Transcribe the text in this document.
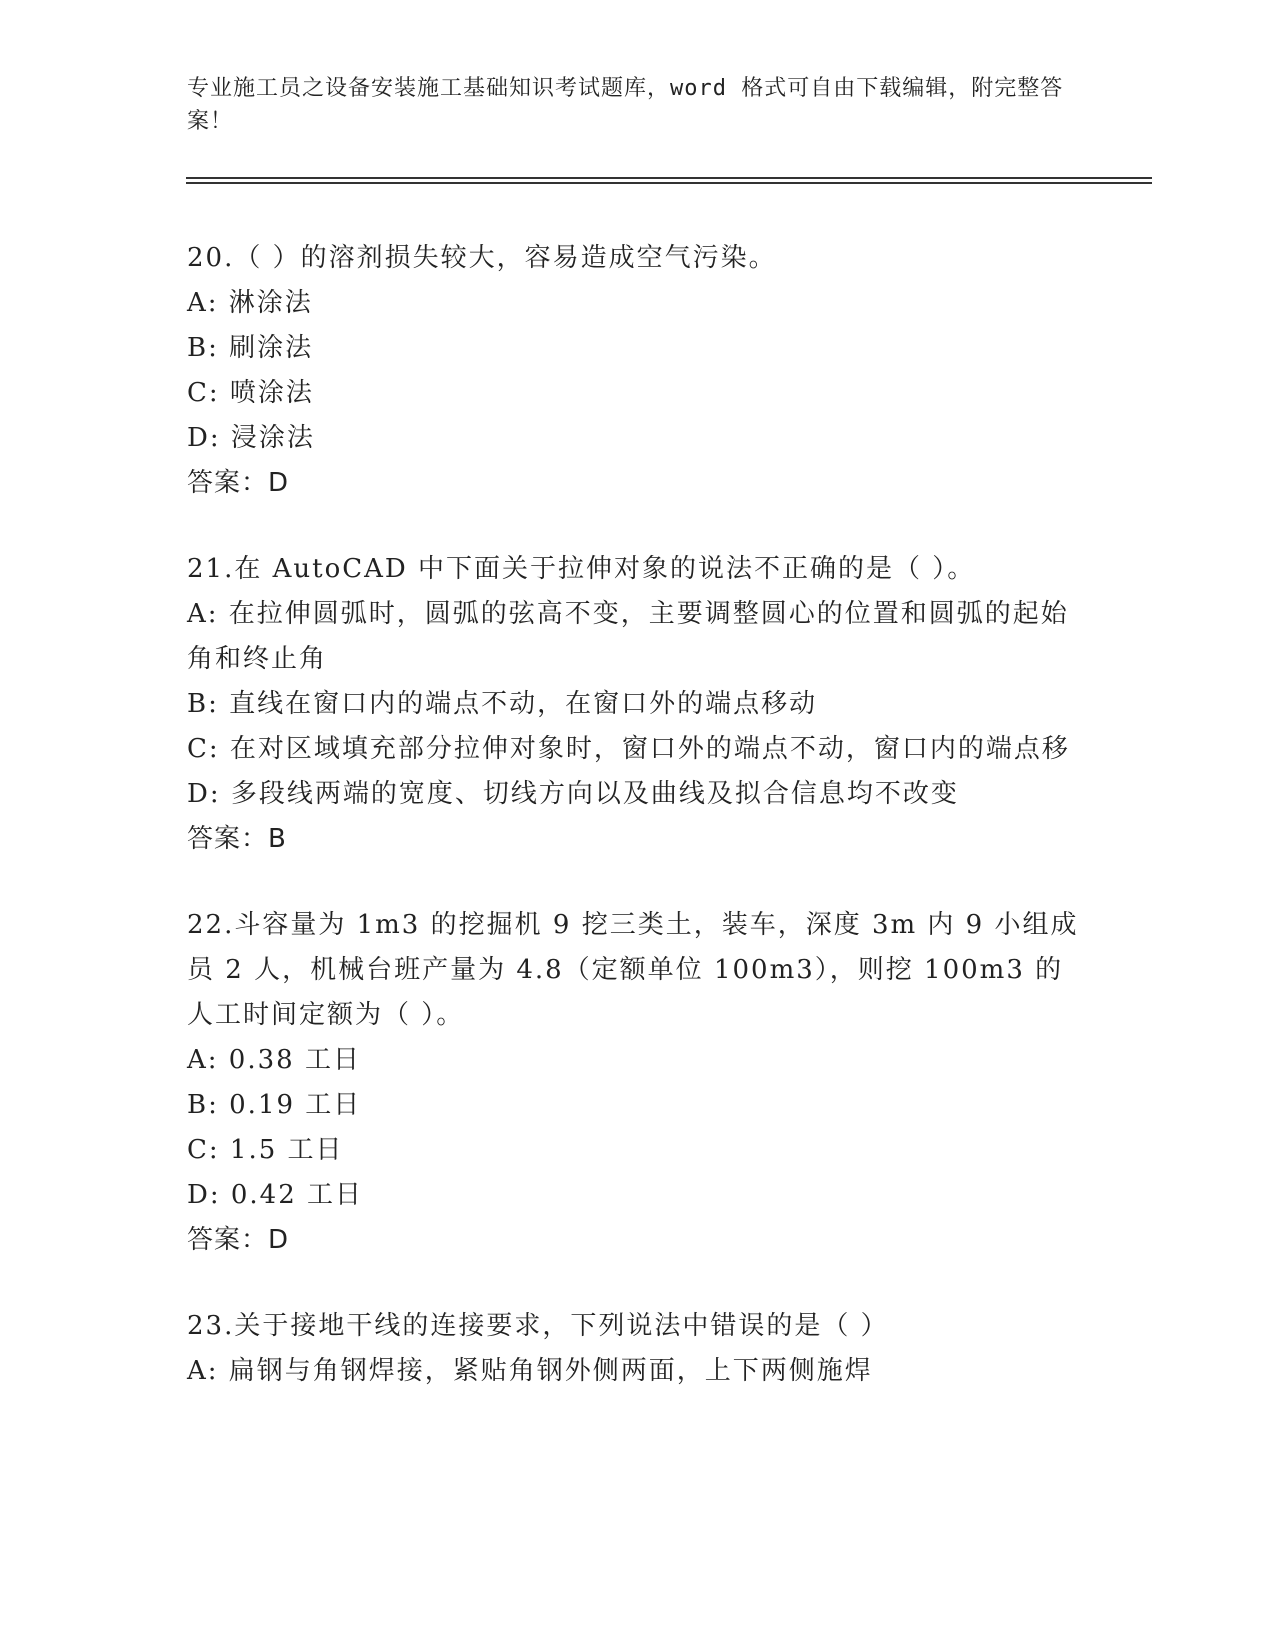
专业施工员之设备安装施工基础知识考试题库，word 格式可自由下载编辑，附完整答案！
20.（ ）的溶剂损失较大，容易造成空气污染。
A: 淋涂法
B: 刷涂法
C: 喷涂法
D: 浸涂法
答案：D
21.在 AutoCAD 中下面关于拉伸对象的说法不正确的是（ ）。
A: 在拉伸圆弧时，圆弧的弦高不变，主要调整圆心的位置和圆弧的起始角和终止角
B: 直线在窗口内的端点不动，在窗口外的端点移动
C: 在对区域填充部分拉伸对象时，窗口外的端点不动，窗口内的端点移
D: 多段线两端的宽度、切线方向以及曲线及拟合信息均不改变
答案：B
22.斗容量为 1m3 的挖掘机 9 挖三类土，装车，深度 3m 内 9 小组成员 2 人，机械台班产量为 4.8（定额单位 100m3），则挖 100m3 的人工时间定额为（ ）。
A: 0.38 工日
B: 0.19 工日
C: 1.5 工日
D: 0.42 工日
答案：D
23.关于接地干线的连接要求，下列说法中错误的是（ ）
A: 扁钢与角钢焊接，紧贴角钢外侧两面，上下两侧施焊
